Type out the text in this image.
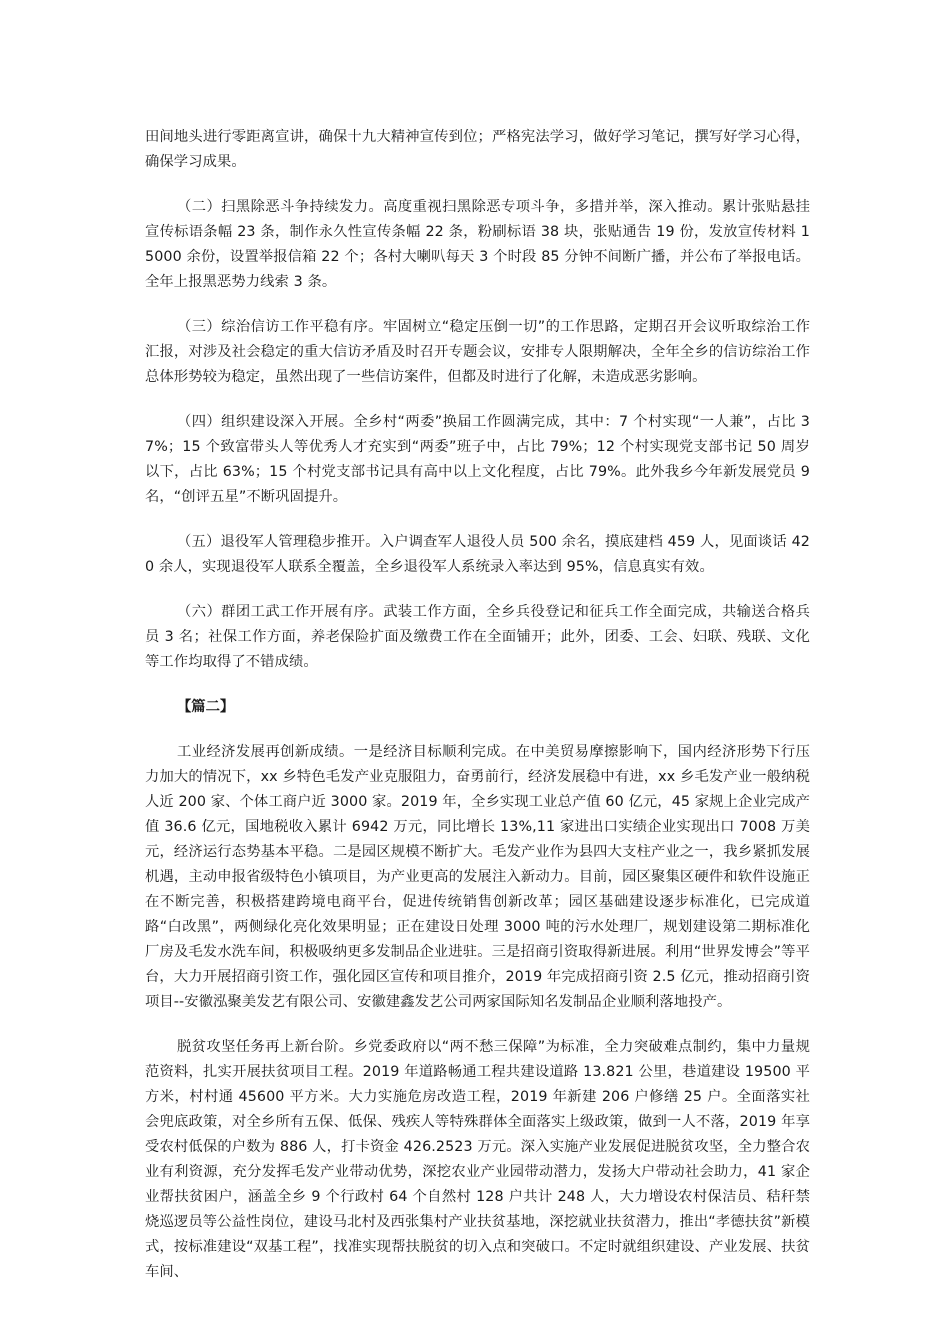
田间地头进行零距离宣讲，确保十九大精神宣传到位；严格宪法学习，做好学习笔记，撰写好学习心得，确保学习成果。

（二）扫黑除恶斗争持续发力。高度重视扫黑除恶专项斗争，多措并举，深入推动。累计张贴悬挂宣传标语条幅 23 条，制作永久性宣传条幅 22 条，粉刷标语 38 块，张贴通告 19 份，发放宣传材料 15000 余份，设置举报信箱 22 个；各村大喇叭每天 3 个时段 85 分钟不间断广播，并公布了举报电话。全年上报黑恶势力线索 3 条。

（三）综治信访工作平稳有序。牢固树立“稳定压倒一切”的工作思路，定期召开会议听取综治工作汇报，对涉及社会稳定的重大信访矛盾及时召开专题会议，安排专人限期解决，全年全乡的信访综治工作总体形势较为稳定，虽然出现了一些信访案件，但都及时进行了化解，未造成恶劣影响。

（四）组织建设深入开展。全乡村“两委”换届工作圆满完成，其中：7 个村实现“一人兼”，占比 37%；15 个致富带头人等优秀人才充实到“两委”班子中，占比 79%；12 个村实现党支部书记 50 周岁以下，占比 63%；15 个村党支部书记具有高中以上文化程度，占比 79%。此外我乡今年新发展党员 9 名，“创评五星”不断巩固提升。

（五）退役军人管理稳步推开。入户调查军人退役人员 500 余名，摸底建档 459 人，见面谈话 420 余人，实现退役军人联系全覆盖，全乡退役军人系统录入率达到 95%，信息真实有效。

（六）群团工武工作开展有序。武装工作方面，全乡兵役登记和征兵工作全面完成，共输送合格兵员 3 名；社保工作方面，养老保险扩面及缴费工作在全面铺开；此外，团委、工会、妇联、残联、文化等工作均取得了不错成绩。

【篇二】

工业经济发展再创新成绩。一是经济目标顺利完成。在中美贸易摩擦影响下，国内经济形势下行压力加大的情况下，xx 乡特色毛发产业克服阻力，奋勇前行，经济发展稳中有进，xx 乡毛发产业一般纳税人近 200 家、个体工商户近 3000 家。2019 年，全乡实现工业总产值 60 亿元，45 家规上企业完成产值 36.6 亿元，国地税收入累计 6942 万元，同比增长 13%,11 家进出口实绩企业实现出口 7008 万美元，经济运行态势基本平稳。二是园区规模不断扩大。毛发产业作为县四大支柱产业之一，我乡紧抓发展机遇，主动申报省级特色小镇项目，为产业更高的发展注入新动力。目前，园区聚集区硬件和软件设施正在不断完善，积极搭建跨境电商平台，促进传统销售创新改革；园区基础建设逐步标准化，已完成道路“白改黑”，两侧绿化亮化效果明显；正在建设日处理 3000 吨的污水处理厂，规划建设第二期标准化厂房及毛发水洗车间，积极吸纳更多发制品企业进驻。三是招商引资取得新进展。利用“世界发博会”等平台，大力开展招商引资工作，强化园区宣传和项目推介，2019 年完成招商引资 2.5 亿元，推动招商引资项目--安徽泓聚美发艺有限公司、安徽建鑫发艺公司两家国际知名发制品企业顺利落地投产。

脱贫攻坚任务再上新台阶。乡党委政府以“两不愁三保障”为标准，全力突破难点制约，集中力量规范资料，扎实开展扶贫项目工程。2019 年道路畅通工程共建设道路 13.821 公里，巷道建设 19500 平方米，村村通 45600 平方米。大力实施危房改造工程，2019 年新建 206 户修缮 25 户。全面落实社会兜底政策，对全乡所有五保、低保、残疾人等特殊群体全面落实上级政策，做到一人不落，2019 年享受农村低保的户数为 886 人，打卡资金 426.2523 万元。深入实施产业发展促进脱贫攻坚，全力整合农业有利资源，充分发挥毛发产业带动优势，深挖农业产业园带动潜力，发扬大户带动社会助力，41 家企业帮扶贫困户，涵盖全乡 9 个行政村 64 个自然村 128 户共计 248 人，大力增设农村保洁员、秸秆禁烧巡逻员等公益性岗位，建设马北村及西张集村产业扶贫基地，深挖就业扶贫潜力，推出“孝德扶贫”新模式，按标准建设“双基工程”，找准实现帮扶脱贫的切入点和突破口。不定时就组织建设、产业发展、扶贫车间、
